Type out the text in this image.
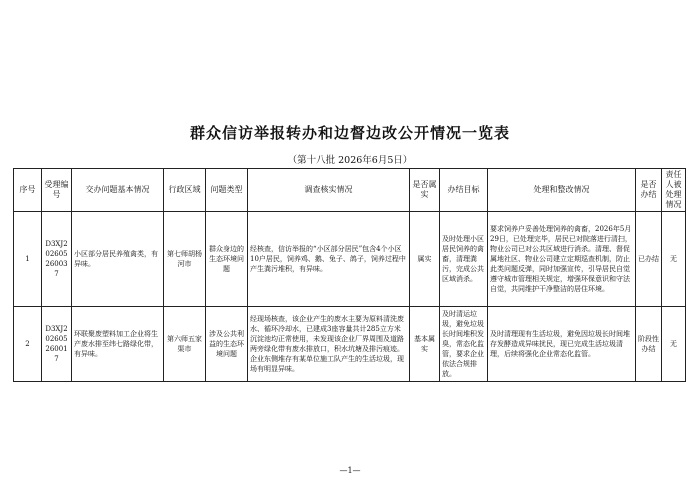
群众信访举报转办和边督边改公开情况一览表
（第十八批 2026年6月5日）
序号	受理编号	交办问题基本情况	行政区域	问题类型	调查核实情况	是否属实	办结目标	处理和整改情况	是否办结	责任人被处理情况
1	D3XJ202605260037	小区部分居民养殖禽类，有异味。	第七师胡杨河市	群众身边的生态环境问题	经核查，信访举报的“小区部分居民”包含4个小区10户居民，饲养鸡、鹅、兔子、鸽子，饲养过程中产生粪污堆积，有异味。	属实	及时处理小区居民饲养的禽畜，清理粪污，完成公共区域消杀。	要求饲养户妥善处理饲养的禽畜，2026年5月29日，已处理完毕，居民已对院落进行清扫，物业公司已对公共区域进行消杀。清理、督促属地社区、物业公司建立定期巡查机制，防止此类问题反弹，同时加强宣传，引导居民自觉遵守城市管理相关规定，增强环保意识和守法自觉，共同维护干净整洁的居住环境。	已办结	无
2	D3XJ202605260017	环联聚废塑料加工企业将生产废水排至纬七路绿化带，有异味。	第六师五家渠市	涉及公共利益的生态环境问题	经现场核查，该企业产生的废水主要为原料清洗废水、循环冷却水，已建成3座容量共计285立方米沉淀池均正常使用，未发现该企业厂界周围及道路两旁绿化带有废水排放口，积水坑塘及排污痕迹。企业东侧堆存有某单位施工队产生的生活垃圾，现场有明显异味。	基本属实	及时清运垃圾，避免垃圾长时间堆积发臭，常态化监管，要求企业依法合规排放。	及时清理现有生活垃圾，避免因垃圾长时间堆存发酵造成异味扰民，现已完成生活垃圾清理，后续将强化企业常态化监管。	阶段性办结	无
—1—
